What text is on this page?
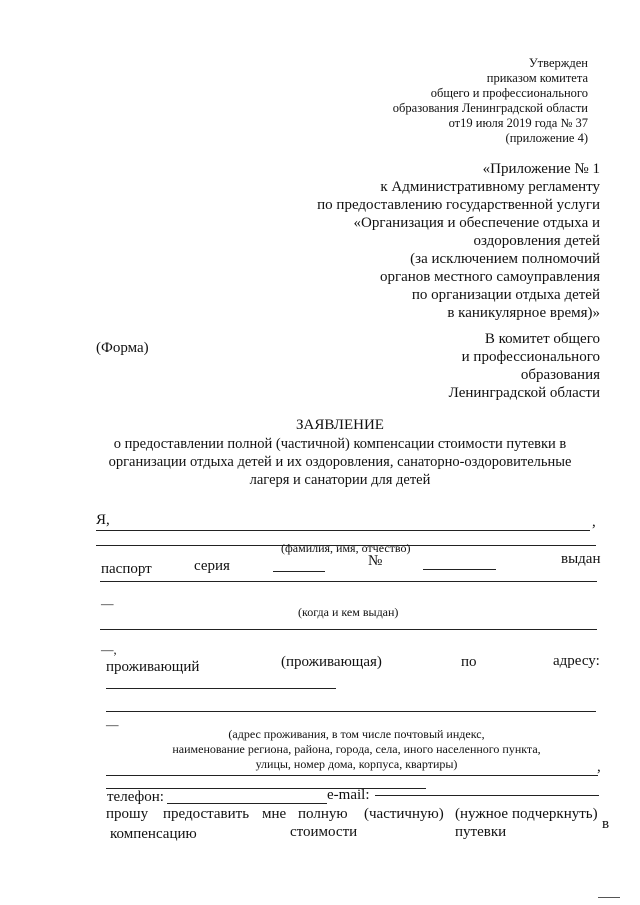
Утвержден
приказом комитета
общего и профессионального
образования Ленинградской области
от19 июля 2019 года № 37
(приложение 4)
«Приложение № 1
к Административному регламенту
по предоставлению государственной услуги
«Организация и обеспечение отдыха и
оздоровления детей
(за исключением полномочий
органов местного самоуправления
по организации отдыха детей
в каникулярное время)»
(Форма)
В комитет общего
и профессионального
образования
Ленинградской области
ЗАЯВЛЕНИЕ
о предоставлении полной (частичной) компенсации стоимости путевки в
организации отдыха детей и их оздоровления, санаторно-оздоровительные
лагеря и санатории для детей
Я,	,
(фамилия, имя, отчество)
паспорт	серия	№	выдан
—
(когда и кем выдан)
—,
проживающий	(проживающая)	по	адресу:
—
(адрес проживания, в том числе почтовый индекс,
наименование региона, района, города, села, иного населенного пункта,
улицы, номер дома, корпуса, квартиры)	,
телефон:	e-mail:
прошу предоставить мне полную (частичную) (нужное подчеркнуть)
компенсацию	стоимости	путевки	в
